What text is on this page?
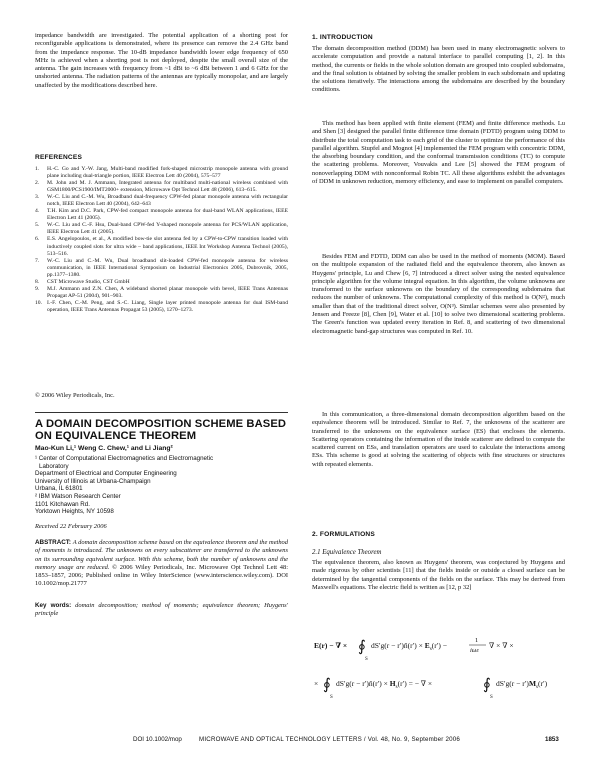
impedance bandwidth are investigated. The potential application of a shorting post for reconfigurable applications is demonstrated, where its presence can remove the 2.4 GHz band from the impedance response. The 10-dB impedance bandwidth lower edge frequency of 650 MHz is achieved when a shorting post is not deployed, despite the small overall size of the antenna. The gain increases with frequency from ~1 dBi to ~6 dBi between 1 and 6 GHz for the unshorted antenna. The radiation patterns of the antennas are typically monopolar, and are largely unaffected by the modifications described here.

REFERENCES
1. H.-C. Go and Y.-W. Jang, Multi-band modified fork-shaped microstrip monopole antenna with ground plane including dual-triangle portion, IEEE Electron Lett 40 (2004), 575–577
2. M. John and M. J. Ammann, Integrated antenna for multiband multi-national wireless combined with GSM1800/PCS1900/IMT2000+ extension, Microwave Opt Technol Lett 48 (2006), 613–615.
3. W.-C. Liu and C.-M. Wu, Broadband dual-frequency CPW-fed planar monopole antenna with rectangular notch, IEEE Electron Lett 40 (2004), 642–643
4. T.H. Kim and D.C. Park, CPW-fed compact monopole antenna for dual-band WLAN applications, IEEE Electron Lett 41 (2005).
5. W.-C. Liu and C.-F. Hsu, Dual-band CPW-fed Y-shaped monopole antenna for PCS/WLAN application, IEEE Electron Lett 41 (2005).
6. E.S. Angelopoulos, et al., A modified bow-tie slot antenna fed by a CPW-to-CPW transition loaded with inductively coupled slots for ultra wide – band applications, IEEE Int Workshop Antenna Technol (2005), 513–516.
7. W.-C. Liu and C.-M. Wu, Dual broadband slit-loaded CPW-fed monopole antenna for wireless communication, in IEEE International Symposium on Industrial Electronics 2005, Dubrovnik, 2005, pp.1377–1380.
8. CST Microwave Studio, CST GmbH
9. M.J. Ammann and Z.N. Chen, A wideband shorted planar monopole with bevel, IEEE Trans Antennas Propagat AP-51 (2004), 901–903.
10. I.-F. Chen, C.-M. Peng, and S.-C. Liang, Single layer printed monopole antenna for dual ISM-band operation, IEEE Trans Antennas Propagat 53 (2005), 1270–1273.
© 2006 Wiley Periodicals, Inc.
A DOMAIN DECOMPOSITION SCHEME BASED ON EQUIVALENCE THEOREM
Mao-Kun Li,¹ Weng C. Chew,¹ and Li Jiang²
¹ Center of Computational Electromagnetics and Electromagnetic
Laboratory
Department of Electrical and Computer Engineering
University of Illinois at Urbana-Champaign
Urbana, IL 61801
² IBM Watson Research Center
1101 Kitchawan Rd.
Yorktown Heights, NY 10598
Received 22 February 2006

ABSTRACT: A domain decomposition scheme based on the equivalence theorem and the method of moments is introduced. The unknowns on every subscatterer are transferred to the unknowns on its surrounding equivalent surface. With this scheme, both the number of unknowns and the memory usage are reduced. © 2006 Wiley Periodicals, Inc. Microwave Opt Technol Lett 48: 1853–1857, 2006; Published online in Wiley InterScience (www.interscience.wiley.com). DOI 10.1002/mop.21777

Key words: domain decomposition; method of moments; equivalence theorem; Huygens' principle

1. INTRODUCTION

The domain decomposition method (DDM) has been used in many electromagnetic solvers to accelerate computation and provide a natural interface to parallel computing [1, 2]. In this method, the currents or fields in the whole solution domain are grouped into coupled subdomains, and the final solution is obtained by solving the smaller problem in each subdomain and updating the solutions iteratively. The interactions among the subdomains are described by the boundary conditions.

This method has been applied with finite element (FEM) and finite difference methods. Lu and Shen [3] designed the parallel finite difference time domain (FDTD) program using DDM to distribute the total computation task to each grid of the cluster to optimize the performance of this parallel algorithm. Stupfel and Mognot [4] implemented the FEM program with concentric DDM, the absorbing boundary condition, and the conformal transmission conditions (TC) to compute the scattering problems. Moreover, Vouvakis and Lee [5] showed the FEM program of nonoverlapping DDM with nonconformal Robin TC. All these algorithms exhibit the advantages of DDM in unknown reduction, memory efficiency, and ease to implement on parallel computers.

Besides FEM and FDTD, DDM can also be used in the method of moments (MOM). Based on the multipole expansion of the radiated field and the equivalence theorem, also known as Huygens' principle, Lu and Chew [6, 7] introduced a direct solver using the nested equivalence principle algorithm for the volume integral equation. In this algorithm, the volume unknowns are transformed to the surface unknowns on the boundary of the corresponding subdomains that reduces the number of unknowns. The computational complexity of this method is O(N²), much smaller than that of the traditional direct solver, O(N³). Similar schemes were also presented by Jensen and Freeze [8], Chen [9], Water et al. [10] to solve two dimensional scattering problems. The Green's function was updated every iteration in Ref. 8, and scattering of two dimensional electromagnetic band-gap structures was computed in Ref. 10.

In this communication, a three-dimensional domain decomposition algorithm based on the equivalence theorem will be introduced. Similar to Ref. 7, the unknowns of the scatterer are transferred to the unknowns on the equivalence surface (ES) that encloses the elements. Scattering operators containing the information of the inside scatterer are defined to compute the scattered current on ESs, and translation operators are used to calculate the interactions among ESs. This scheme is good at solving the scattering of objects with fine structures or structures with repeated elements.

2. FORMULATIONS
2.1 Equivalence Theorem

The equivalence theorem, also known as Huygens' theorem, was conjectured by Huygens and made rigorous by other scientists [11] that the fields inside or outside a closed surface can be determined by the tangential components of the fields on the surface. This may be derived from Maxwell's equations. The electric field is written as [12, p 32]

E(r) − ∇ × ∮
S
dS′g(r − r′)n̂(r′) × $E_s(r')$ −
1
iωε
∇ × ∇ ×
× ∮
S
dS′g(r − r′)n̂(r′) × $H_s(r')$ = − ∇ ×	∮
S
$dS'g(r - r')M_s(r')$
DOI 10.1002/mop	MICROWAVE AND OPTICAL TECHNOLOGY LETTERS / Vol. 48, No. 9, September 2006	1853
